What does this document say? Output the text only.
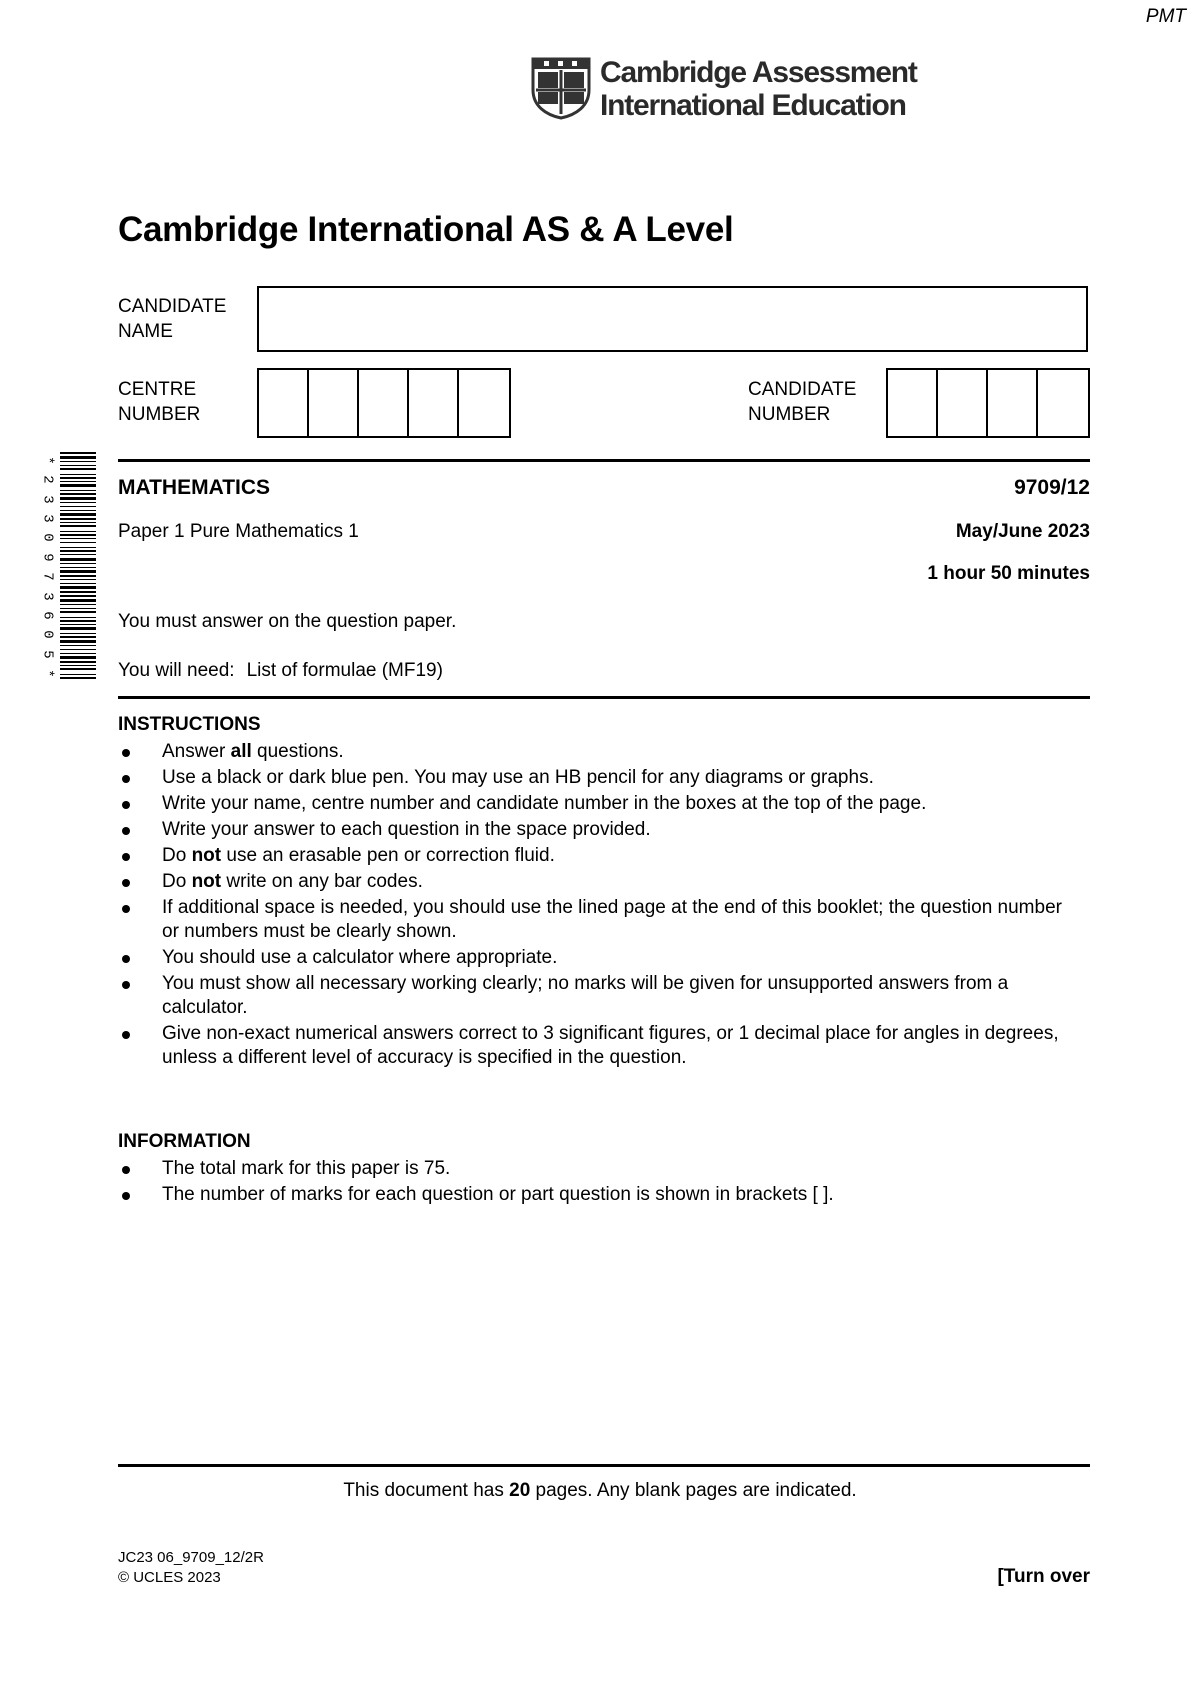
PMT
Cambridge Assessment
International Education
Cambridge International AS & A Level
CANDIDATE
NAME
CENTRE
NUMBER
CANDIDATE
NUMBER
*
2
3
3
0
9
7
3
6
0
5
*
MATHEMATICS	9709/12
Paper 1 Pure Mathematics 1	May/June 2023
1 hour 50 minutes
You must answer on the question paper.
You will need: List of formulae (MF19)
INSTRUCTIONS
Answer all questions.
Use a black or dark blue pen. You may use an HB pencil for any diagrams or graphs.
Write your name, centre number and candidate number in the boxes at the top of the page.
Write your answer to each question in the space provided.
Do not use an erasable pen or correction fluid.
Do not write on any bar codes.
If additional space is needed, you should use the lined page at the end of this booklet; the question number or numbers must be clearly shown.
You should use a calculator where appropriate.
You must show all necessary working clearly; no marks will be given for unsupported answers from a calculator.
Give non-exact numerical answers correct to 3 significant figures, or 1 decimal place for angles in degrees, unless a different level of accuracy is specified in the question.
INFORMATION
The total mark for this paper is 75.
The number of marks for each question or part question is shown in brackets [ ].
This document has 20 pages. Any blank pages are indicated.
JC23 06_9709_12/2R
© UCLES 2023	[Turn over
